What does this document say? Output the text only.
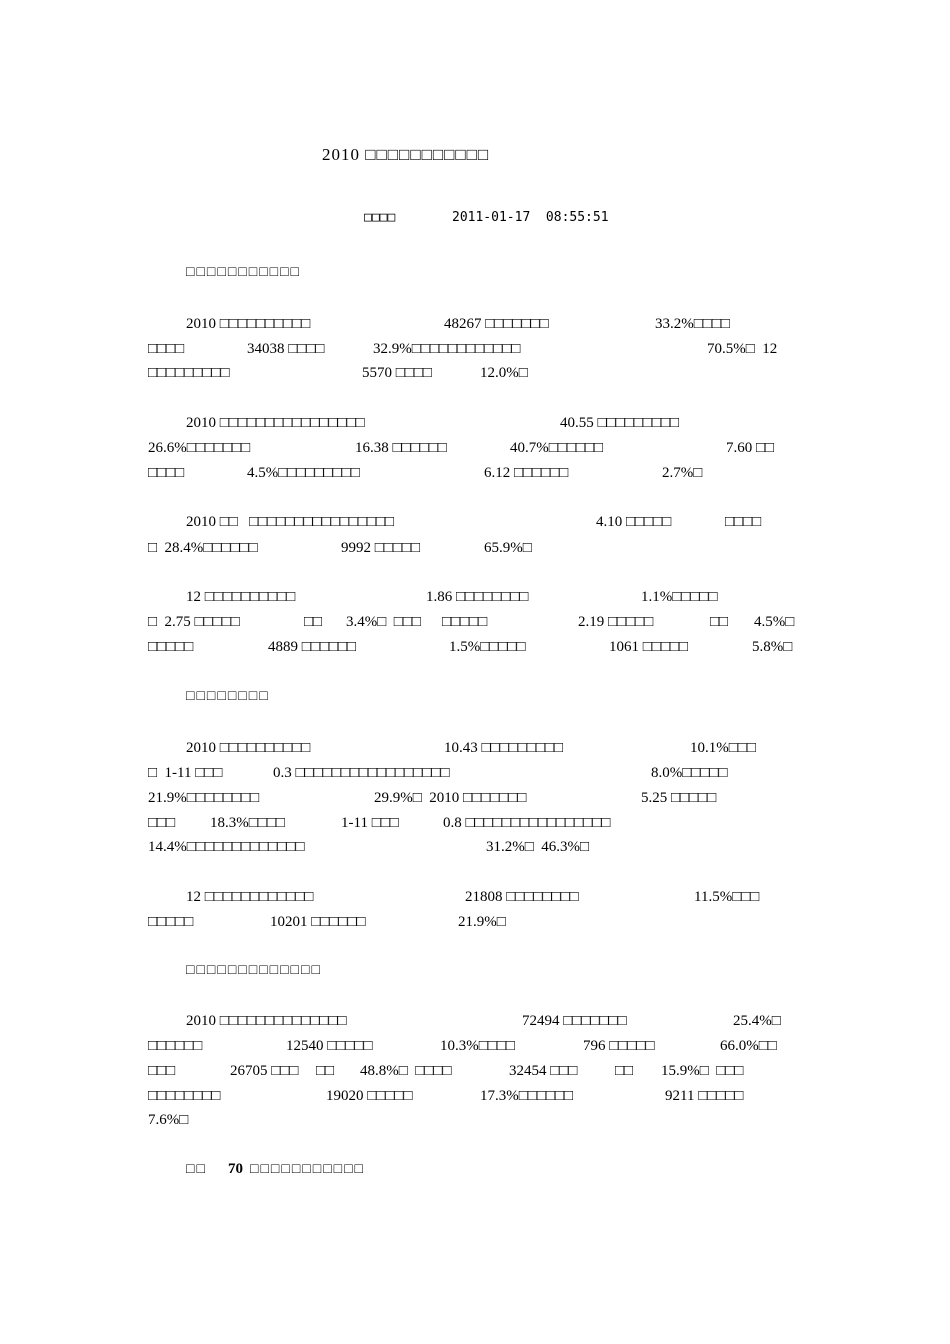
2010 □□□□□□□□□□□
□□□□	2011-01-17  08:55:51
□□□□□□□□□□□
2010 □□□□□□□□□□	48267 □□□□□□□	33.2%□□□□
□□□□	34038 □□□□	32.9%□□□□□□□□□□□□	70.5%□  12
□□□□□□□□□	5570 □□□□	12.0%□
2010 □□□□□□□□□□□□□□□□	40.55 □□□□□□□□□
26.6%□□□□□□□	16.38 □□□□□□	40.7%□□□□□□	7.60 □□
□□□□	4.5%□□□□□□□□□	6.12 □□□□□□	2.7%□
2010 □□   □□□□□□□□□□□□□□□□	4.10 □□□□□	□□□□
□  28.4%□□□□□□	9992 □□□□□	65.9%□
12 □□□□□□□□□□	1.86 □□□□□□□□	1.1%□□□□□
□  2.75 □□□□□	□□ 3.4%□  □□□ □□□□□	2.19 □□□□□	□□ 4.5%□
□□□□□	4889 □□□□□□	1.5%□□□□□	1061 □□□□□	5.8%□
□□□□□□□□
2010 □□□□□□□□□□	10.43 □□□□□□□□□	10.1%□□□
□  1-11 □□□	0.3 □□□□□□□□□□□□□□□□□	8.0%□□□□□
21.9%□□□□□□□□	29.9%□  2010 □□□□□□□	5.25 □□□□□
□□□ 18.3%□□□□	1-11 □□□	0.8 □□□□□□□□□□□□□□□□
14.4%□□□□□□□□□□□□□	31.2%□  46.3%□
12 □□□□□□□□□□□□	21808 □□□□□□□□	11.5%□□□
□□□□□	10201 □□□□□□	21.9%□
□□□□□□□□□□□□□
2010 □□□□□□□□□□□□□□	72494 □□□□□□□	25.4%□
□□□□□□	12540 □□□□□	10.3%□□□□	796 □□□□□	66.0%□□
□□□	26705 □□□ □□ 48.8%□  □□□□	32454 □□□	□□ 15.9%□  □□□
□□□□□□□□	19020 □□□□□	17.3%□□□□□□	9211 □□□□□
7.6%□
□□ 70 □□□□□□□□□□□
